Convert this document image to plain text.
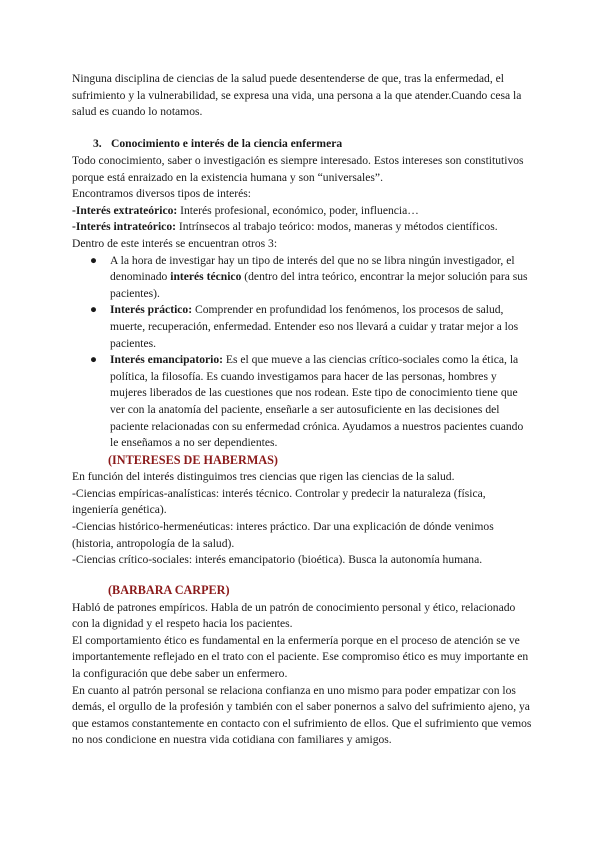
Ninguna disciplina de ciencias de la salud puede desentenderse de que, tras la enfermedad, el sufrimiento y la vulnerabilidad, se expresa una vida, una persona a la que atender.Cuando cesa la salud es cuando lo notamos.

3. Conocimiento e interés de la ciencia enfermera

Todo conocimiento, saber o investigación es siempre interesado. Estos intereses son constitutivos porque está enraizado en la existencia humana y son “universales”.

Encontramos diversos tipos de interés:

-Interés extrateórico: Interés profesional, económico, poder, influencia…

-Interés intrateórico: Intrínsecos al trabajo teórico: modos, maneras y métodos científicos.

Dentro de este interés se encuentran otros 3:

● A la hora de investigar hay un tipo de interés del que no se libra ningún investigador, el denominado interés técnico (dentro del intra teórico, encontrar la mejor solución para sus pacientes).
● Interés práctico: Comprender en profundidad los fenómenos, los procesos de salud, muerte, recuperación, enfermedad. Entender eso nos llevará a cuidar y tratar mejor a los pacientes.
● Interés emancipatorio: Es el que mueve a las ciencias crítico-sociales como la ética, la política, la filosofía. Es cuando investigamos para hacer de las personas, hombres y mujeres liberados de las cuestiones que nos rodean. Este tipo de conocimiento tiene que ver con la anatomía del paciente, enseñarle a ser autosuficiente en las decisiones del paciente relacionadas con su enfermedad crónica. Ayudamos a nuestros pacientes cuando le enseñamos a no ser dependientes.

(INTERESES DE HABERMAS)

En función del interés distinguimos tres ciencias que rigen las ciencias de la salud.

-Ciencias empíricas-analísticas: interés técnico. Controlar y predecir la naturaleza (física, ingeniería genética).

-Ciencias histórico-hermenéuticas: interes práctico. Dar una explicación de dónde venimos (historia, antropología de la salud).

-Ciencias crítico-sociales: interés emancipatorio (bioética). Busca la autonomía humana.

(BARBARA CARPER)

Habló de patrones empíricos. Habla de un patrón de conocimiento personal y ético, relacionado con la dignidad y el respeto hacia los pacientes.

El comportamiento ético es fundamental en la enfermería porque en el proceso de atención se ve importantemente reflejado en el trato con el paciente. Ese compromiso ético es muy importante en la configuración que debe saber un enfermero.

En cuanto al patrón personal se relaciona confianza en uno mismo para poder empatizar con los demás, el orgullo de la profesión y también con el saber ponernos a salvo del sufrimiento ajeno, ya que estamos constantemente en contacto con el sufrimiento de ellos. Que el sufrimiento que vemos no nos condicione en nuestra vida cotidiana con familiares y amigos.
